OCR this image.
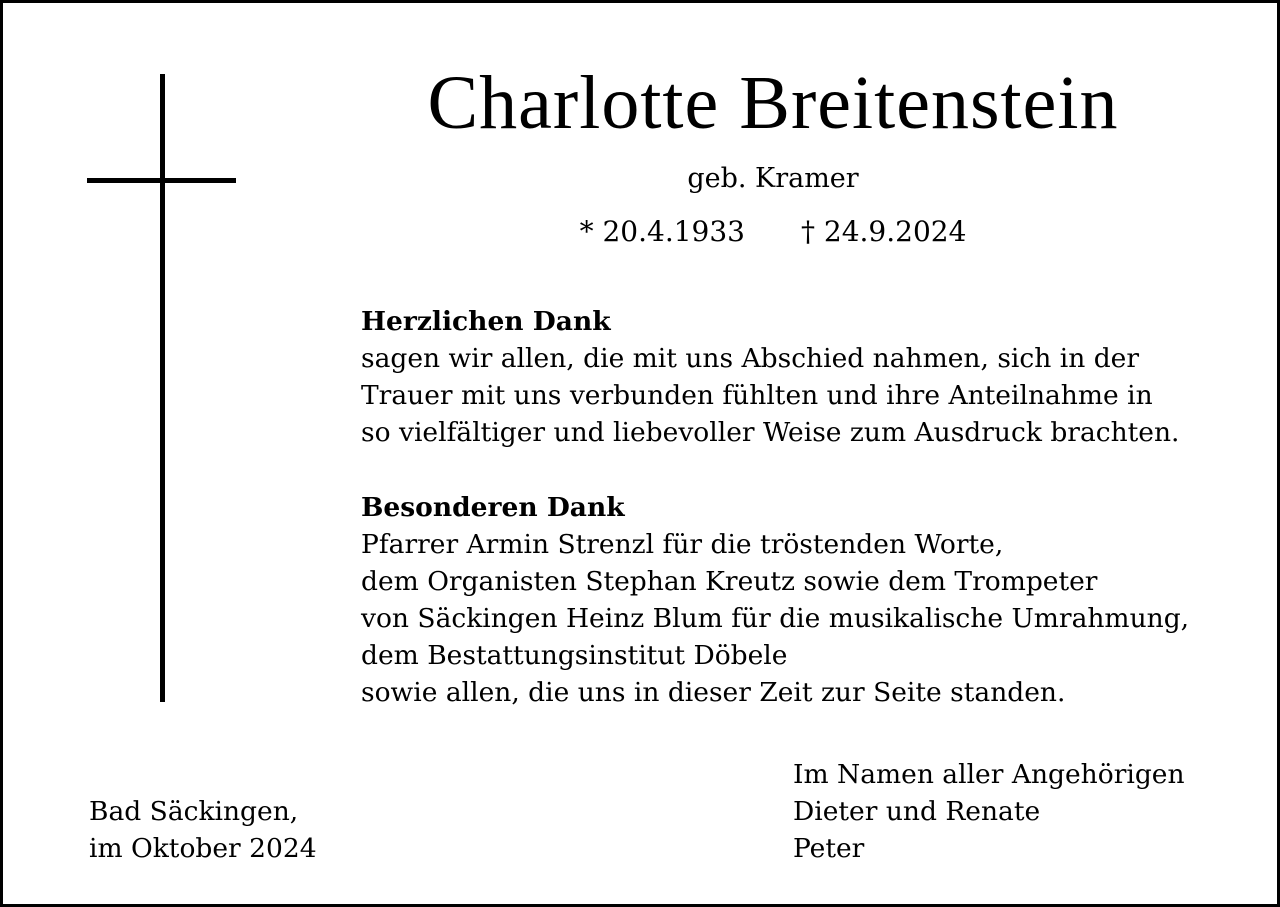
Charlotte Breitenstein
geb. Kramer
* 20.4.1933 † 24.9.2024
Herzlichen Dank
sagen wir allen, die mit uns Abschied nahmen, sich in der
Trauer mit uns verbunden fühlten und ihre Anteilnahme in
so vielfältiger und liebevoller Weise zum Ausdruck brachten.
Besonderen Dank
Pfarrer Armin Strenzl für die tröstenden Worte,
dem Organisten Stephan Kreutz sowie dem Trompeter
von Säckingen Heinz Blum für die musikalische Umrahmung,
dem Bestattungsinstitut Döbele
sowie allen, die uns in dieser Zeit zur Seite standen.
Bad Säckingen,
im Oktober 2024
Im Namen aller Angehörigen
Dieter und Renate
Peter
